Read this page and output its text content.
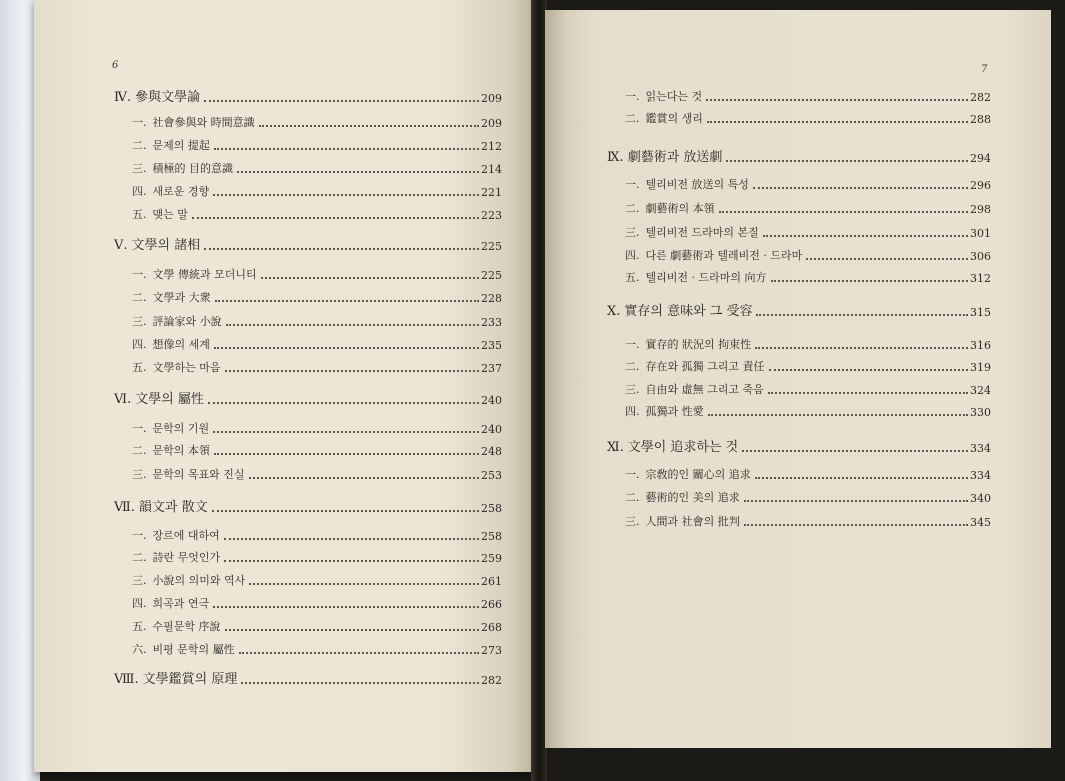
6
Ⅳ. 參與文學論	209
一. 社會參與와 時間意識	209
二. 문제의 提起	212
三. 積極的 目的意識	214
四. 새로운 경향	221
五. 맺는 말	223
Ⅴ. 文學의 諸相	225
一. 文學 傳統과 모더니티	225
二. 文學과 大衆	228
三. 評論家와 小說	233
四. 想像의 세계	235
五. 文學하는 마음	237
Ⅵ. 文學의 屬性	240
一. 문학의 기원	240
二. 문학의 本領	248
三. 문학의 목표와 진실	253
Ⅶ. 韻文과 散文	258
一. 장르에 대하여	258
二. 詩란 무엇인가	259
三. 小說의 의미와 역사	261
四. 희곡과 연극	266
五. 수필문학 序說	268
六. 비평 문학의 屬性	273
Ⅷ. 文學鑑賞의 原理	282
7
一. 읽는다는 것	282
二. 鑑賞의 생리	288
Ⅸ. 劇藝術과 放送劇	294
一. 텔리비전 放送의 특성	296
二. 劇藝術의 本領	298
三. 텔리비전 드라마의 본질	301
四. 다른 劇藝術과 텔레비전 · 드라마	306
五. 텔리비전 · 드라마의 向方	312
Ⅹ. 實存의 意味와 그 受容	315
一. 實存的 狀況의 拘束性	316
二. 存在와 孤獨 그리고 責任	319
三. 自由와 虛無 그리고 죽음	324
四. 孤獨과 性愛	330
Ⅺ. 文學이 追求하는 것	334
一. 宗敎的인 關心의 追求	334
二. 藝術的인 美의 追求	340
三. 人間과 社會의 批判	345
